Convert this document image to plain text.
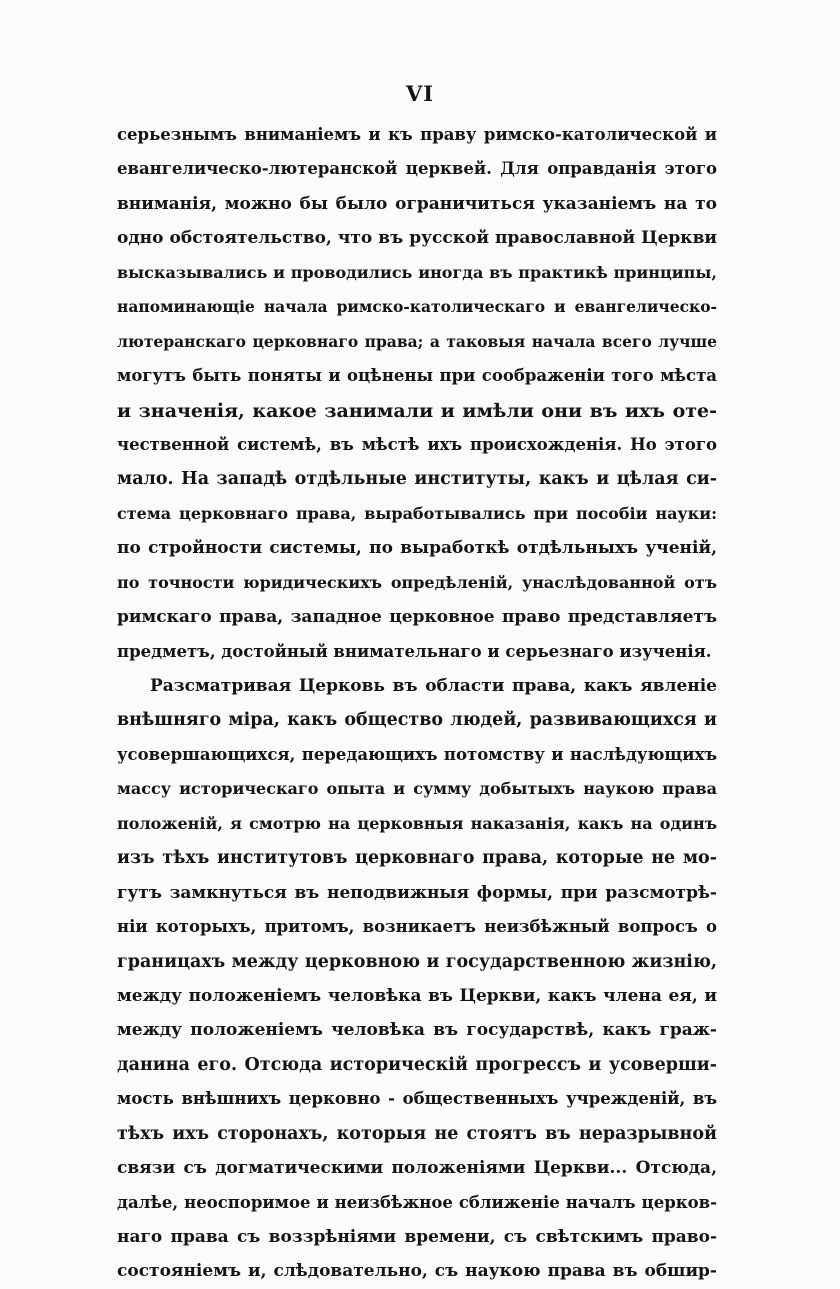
VI
серьезнымъ вниманіемъ и къ праву римско-католической и
евангелическо-лютеранской церквей. Для оправданія этого
вниманія, можно бы было ограничиться указаніемъ на то
одно обстоятельство, что въ русской православной Церкви
высказывались и проводились иногда въ практикѣ принципы,
напоминающіе начала римско-католическаго и евангелическо-
лютеранскаго церковнаго права; а таковыя начала всего лучше
могутъ быть поняты и оцѣнены при соображеніи того мѣста
и значенія, какое занимали и имѣли они въ ихъ оте-
чественной системѣ, въ мѣстѣ ихъ происхожденія. Но этого
мало. На западѣ отдѣльные институты, какъ и цѣлая си-
стема церковнаго права, выработывались при пособіи науки:
по стройности системы, по выработкѣ отдѣльныхъ ученій,
по точности юридическихъ опредѣленій, унаслѣдованной отъ
римскаго права, западное церковное право представляетъ
предметъ, достойный внимательнаго и серьезнаго изученія.
Разсматривая Церковь въ области права, какъ явленіе
внѣшняго міра, какъ общество людей, развивающихся и
усовершающихся, передающихъ потомству и наслѣдующихъ
массу историческаго опыта и сумму добытыхъ наукою права
положеній, я смотрю на церковныя наказанія, какъ на одинъ
изъ тѣхъ институтовъ церковнаго права, которые не мо-
гутъ замкнуться въ неподвижныя формы, при разсмотрѣ-
ніи которыхъ, притомъ, возникаетъ неизбѣжный вопросъ о
границахъ между церковною и государственною жизнію,
между положеніемъ человѣка въ Церкви, какъ члена ея, и
между положеніемъ человѣка въ государствѣ, какъ граж-
данина его. Отсюда историческій прогрессъ и усоверши-
мость внѣшнихъ церковно - общественныхъ учрежденій, въ
тѣхъ ихъ сторонахъ, которыя не стоятъ въ неразрывной
связи съ догматическими положеніями Церкви... Отсюда,
далѣе, неоспоримое и неизбѣжное сближеніе началъ церков-
наго права съ воззрѣніями времени, съ свѣтскимъ право-
состояніемъ и, слѣдовательно, съ наукою права въ обшир-
